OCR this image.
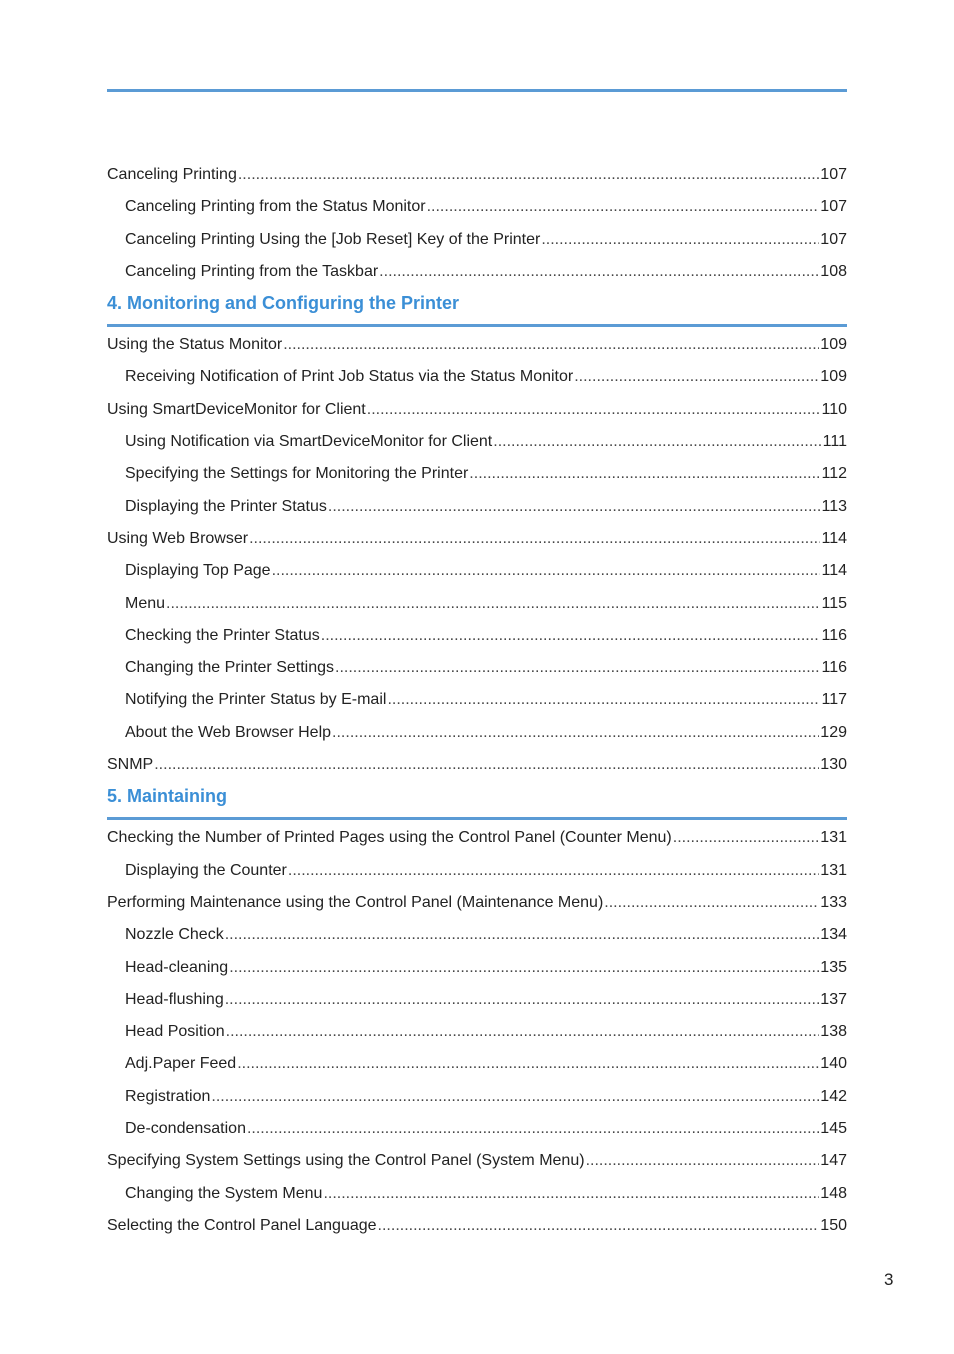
Canceling Printing .....	107
Canceling Printing from the Status Monitor .....	107
Canceling Printing Using the [Job Reset] Key of the Printer .....	107
Canceling Printing from the Taskbar .....	108
4. Monitoring and Configuring the Printer
Using the Status Monitor .....	109
Receiving Notification of Print Job Status via the Status Monitor .....	109
Using SmartDeviceMonitor for Client .....	110
Using Notification via SmartDeviceMonitor for Client .....	111
Specifying the Settings for Monitoring the Printer .....	112
Displaying the Printer Status .....	113
Using Web Browser .....	114
Displaying Top Page .....	114
Menu .....	115
Checking the Printer Status .....	116
Changing the Printer Settings .....	116
Notifying the Printer Status by E-mail .....	117
About the Web Browser Help .....	129
SNMP .....	130
5. Maintaining
Checking the Number of Printed Pages using the Control Panel (Counter Menu) .....	131
Displaying the Counter .....	131
Performing Maintenance using the Control Panel (Maintenance Menu) .....	133
Nozzle Check .....	134
Head-cleaning .....	135
Head-flushing .....	137
Head Position .....	138
Adj.Paper Feed .....	140
Registration .....	142
De-condensation .....	145
Specifying System Settings using the Control Panel (System Menu) .....	147
Changing the System Menu .....	148
Selecting the Control Panel Language .....	150
3
